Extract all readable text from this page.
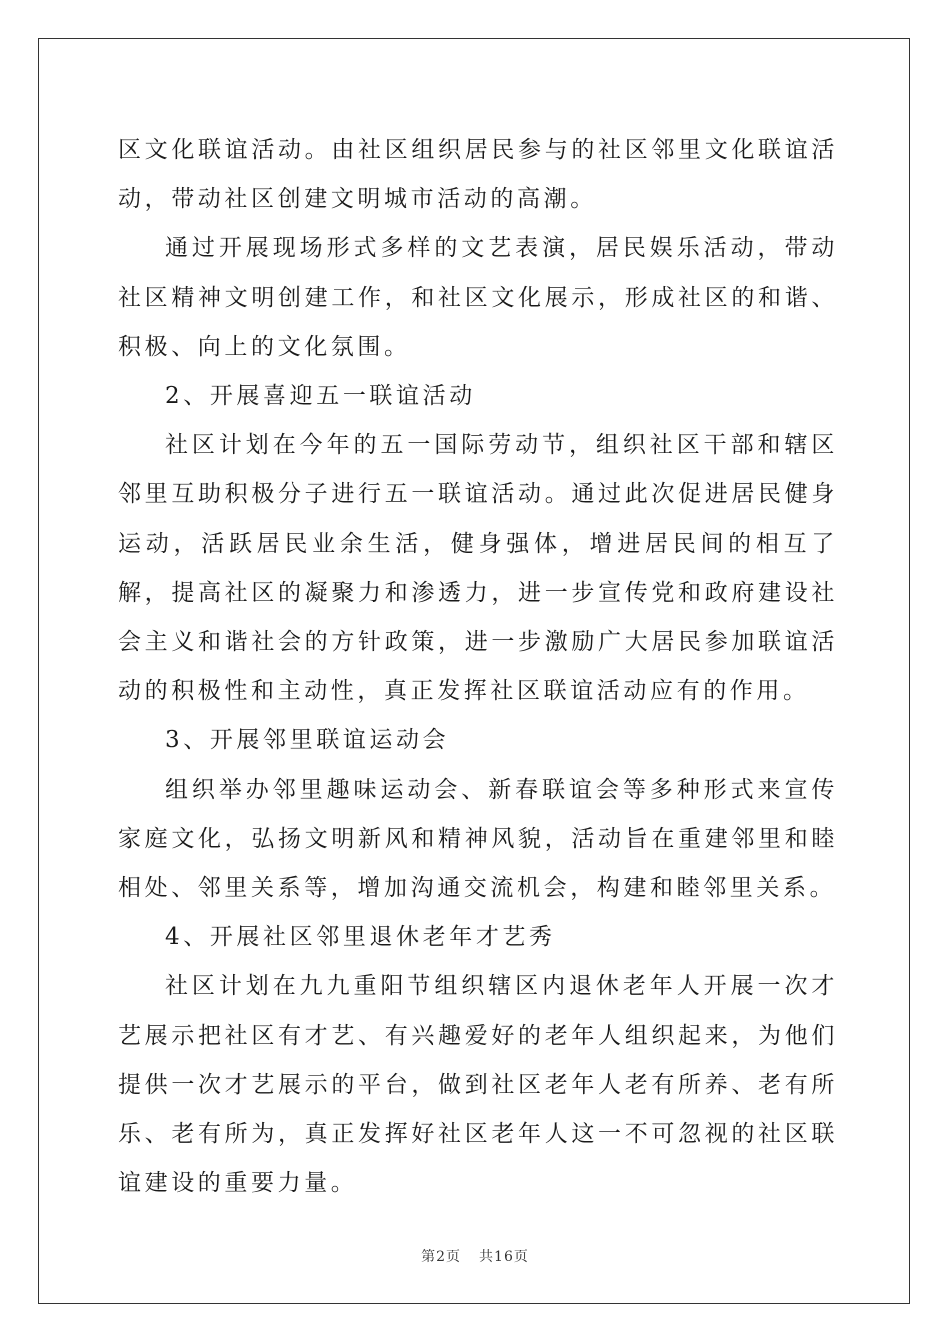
区文化联谊活动。由社区组织居民参与的社区邻里文化联谊活动，带动社区创建文明城市活动的高潮。

通过开展现场形式多样的文艺表演，居民娱乐活动，带动社区精神文明创建工作，和社区文化展示，形成社区的和谐、积极、向上的文化氛围。

2、开展喜迎五一联谊活动

社区计划在今年的五一国际劳动节，组织社区干部和辖区邻里互助积极分子进行五一联谊活动。通过此次促进居民健身运动，活跃居民业余生活，健身强体，增进居民间的相互了解，提高社区的凝聚力和渗透力，进一步宣传党和政府建设社会主义和谐社会的方针政策，进一步激励广大居民参加联谊活动的积极性和主动性，真正发挥社区联谊活动应有的作用。

3、开展邻里联谊运动会

组织举办邻里趣味运动会、新春联谊会等多种形式来宣传家庭文化，弘扬文明新风和精神风貌，活动旨在重建邻里和睦相处、邻里关系等，增加沟通交流机会，构建和睦邻里关系。

4、开展社区邻里退休老年才艺秀

社区计划在九九重阳节组织辖区内退休老年人开展一次才艺展示把社区有才艺、有兴趣爱好的老年人组织起来，为他们提供一次才艺展示的平台，做到社区老年人老有所养、老有所乐、老有所为，真正发挥好社区老年人这一不可忽视的社区联谊建设的重要力量。

第2页 共16页
